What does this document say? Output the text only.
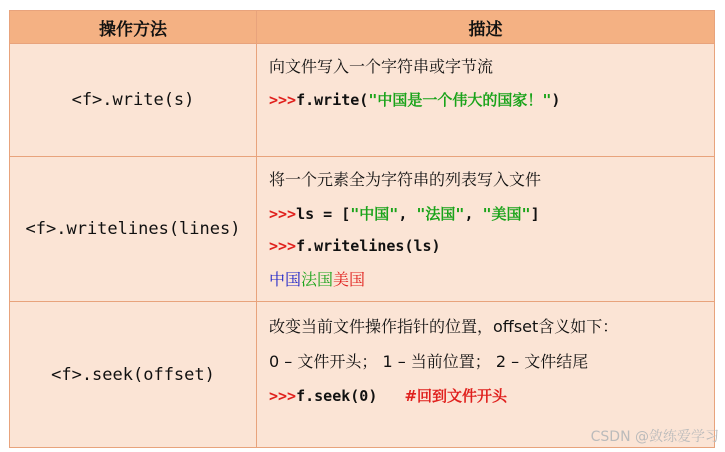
操作方法	描述
<f>.write(s)	向文件写入一个字符串或字节流
>>>f.write("中国是一个伟大的国家！")

<f>.writelines(lines)	将一个元素全为字符串的列表写入文件
>>>ls = ["中国", "法国", "美国"]
>>>f.writelines(ls)
中国法国美国

<f>.seek(offset)	改变当前文件操作指针的位置，offset含义如下：
0 – 文件开头； 1 – 当前位置； 2 – 文件结尾
>>>f.seek(0) #回到文件开头
CSDN @敛练爱学习
